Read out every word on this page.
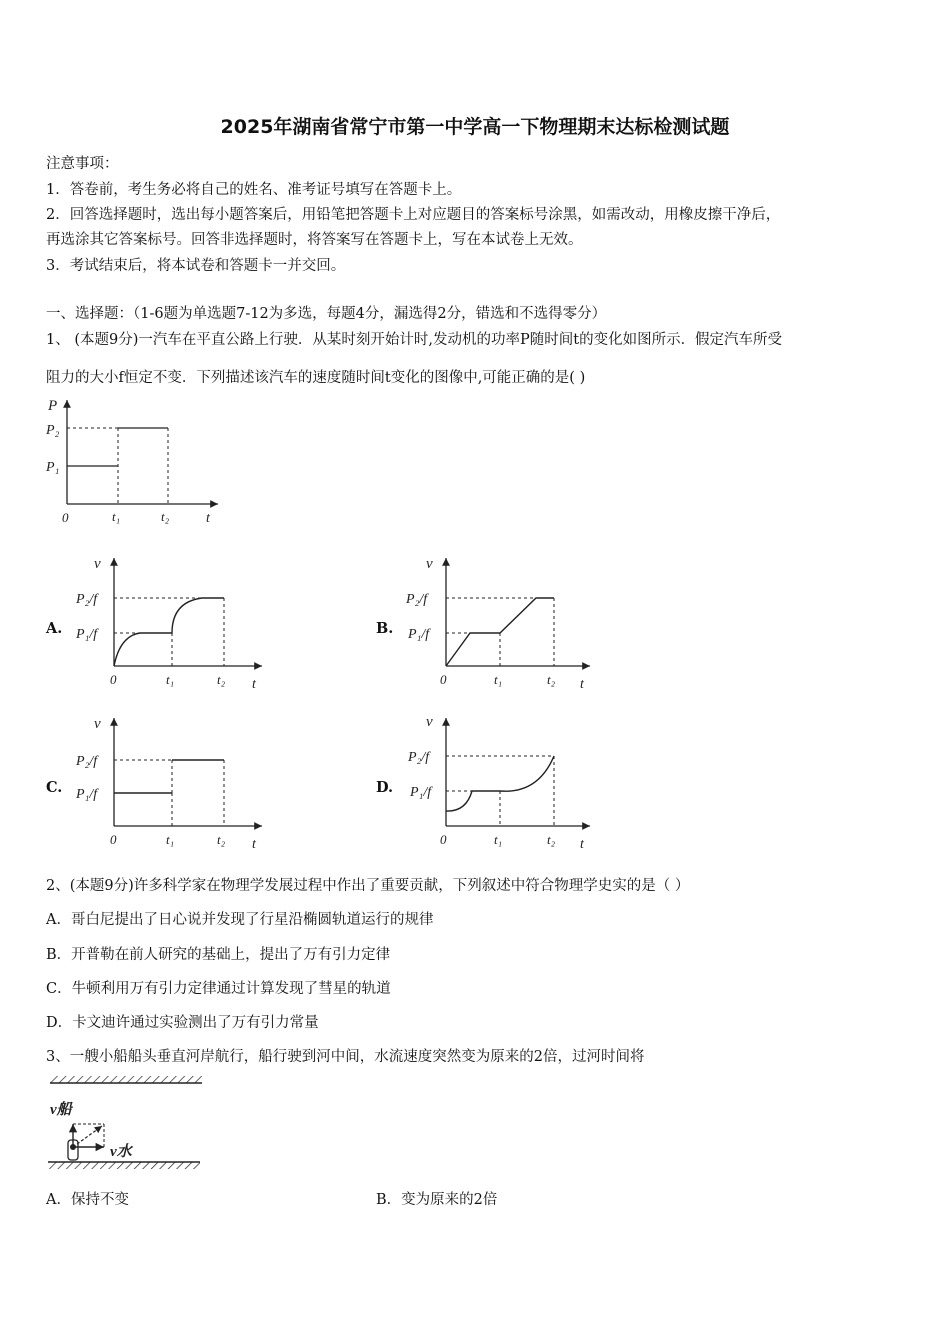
2025年湖南省常宁市第一中学高一下物理期末达标检测试题
注意事项：
1．答卷前，考生务必将自己的姓名、准考证号填写在答题卡上。
2．回答选择题时，选出每小题答案后，用铅笔把答题卡上对应题目的答案标号涂黑，如需改动，用橡皮擦干净后，
再选涂其它答案标号。回答非选择题时，将答案写在答题卡上，写在本试卷上无效。
3．考试结束后，将本试卷和答题卡一并交回。
一、选择题：（1-6题为单选题7-12为多选，每题4分，漏选得2分，错选和不选得零分）
1、 (本题9分)一汽车在平直公路上行驶．从某时刻开始计时,发动机的功率P随时间t的变化如图所示．假定汽车所受
阻力的大小f恒定不变．下列描述该汽车的速度随时间t变化的图像中,可能正确的是( )
P
P₂
P₁
0	t₁	t₂	t
A.
v
P₂/f
P₁/f
0	t₁	t₂ t
B.
v
P₂/f
P₁/f
0	t₁	t₂ t
C.
v
P₂/f
P₁/f
0	t₁	t₂ t
D.
v
P₂/f
P₁/f
0	t₁	t₂ t
2、(本题9分)许多科学家在物理学发展过程中作出了重要贡献，下列叙述中符合物理学史实的是（ ）
A．哥白尼提出了日心说并发现了行星沿椭圆轨道运行的规律
B．开普勒在前人研究的基础上，提出了万有引力定律
C．牛顿利用万有引力定律通过计算发现了彗星的轨道
D．卡文迪许通过实验测出了万有引力常量
3、一艘小船船头垂直河岸航行，船行驶到河中间，水流速度突然变为原来的2倍，过河时间将
v船
v水
A．保持不变	B．变为原来的2倍
